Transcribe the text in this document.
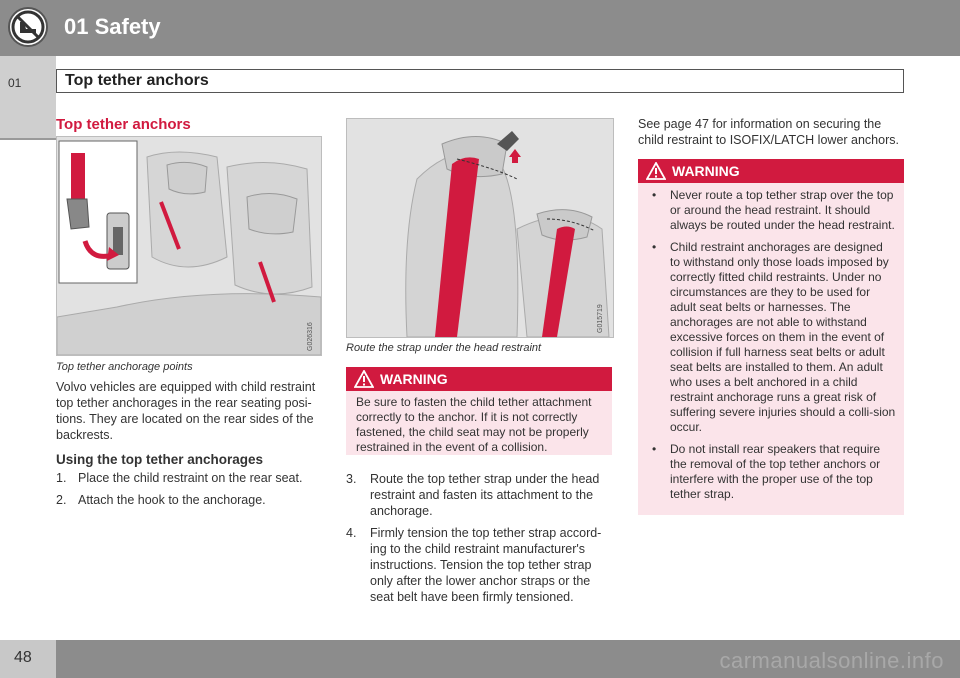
01 Safety
01	Top tether anchors
Top tether anchors
G026316
Top tether anchorage points
Volvo vehicles are equipped with child restraint top tether anchorages in the rear seating posi-tions. They are located on the rear sides of the backrests.
Using the top tether anchorages
1. Place the child restraint on the rear seat.
2. Attach the hook to the anchorage.
G015719
Route the strap under the head restraint
WARNING
Be sure to fasten the child tether attachment correctly to the anchor. If it is not correctly fastened, the child seat may not be properly restrained in the event of a collision.
3. Route the top tether strap under the head restraint and fasten its attachment to the anchorage.
4. Firmly tension the top tether strap accord-ing to the child restraint manufacturer's instructions. Tension the top tether strap only after the lower anchor straps or the seat belt have been firmly tensioned.
See page 47 for information on securing the child restraint to ISOFIX/LATCH lower anchors.
WARNING
• Never route a top tether strap over the top or around the head restraint. It should always be routed under the head restraint.
• Child restraint anchorages are designed to withstand only those loads imposed by correctly fitted child restraints. Under no circumstances are they to be used for adult seat belts or harnesses. The anchorages are not able to withstand excessive forces on them in the event of collision if full harness seat belts or adult seat belts are installed to them. An adult who uses a belt anchored in a child restraint anchorage runs a great risk of suffering severe injuries should a colli-sion occur.
• Do not install rear speakers that require the removal of the top tether anchors or interfere with the proper use of the top tether strap.
48	carmanualsonline.info
